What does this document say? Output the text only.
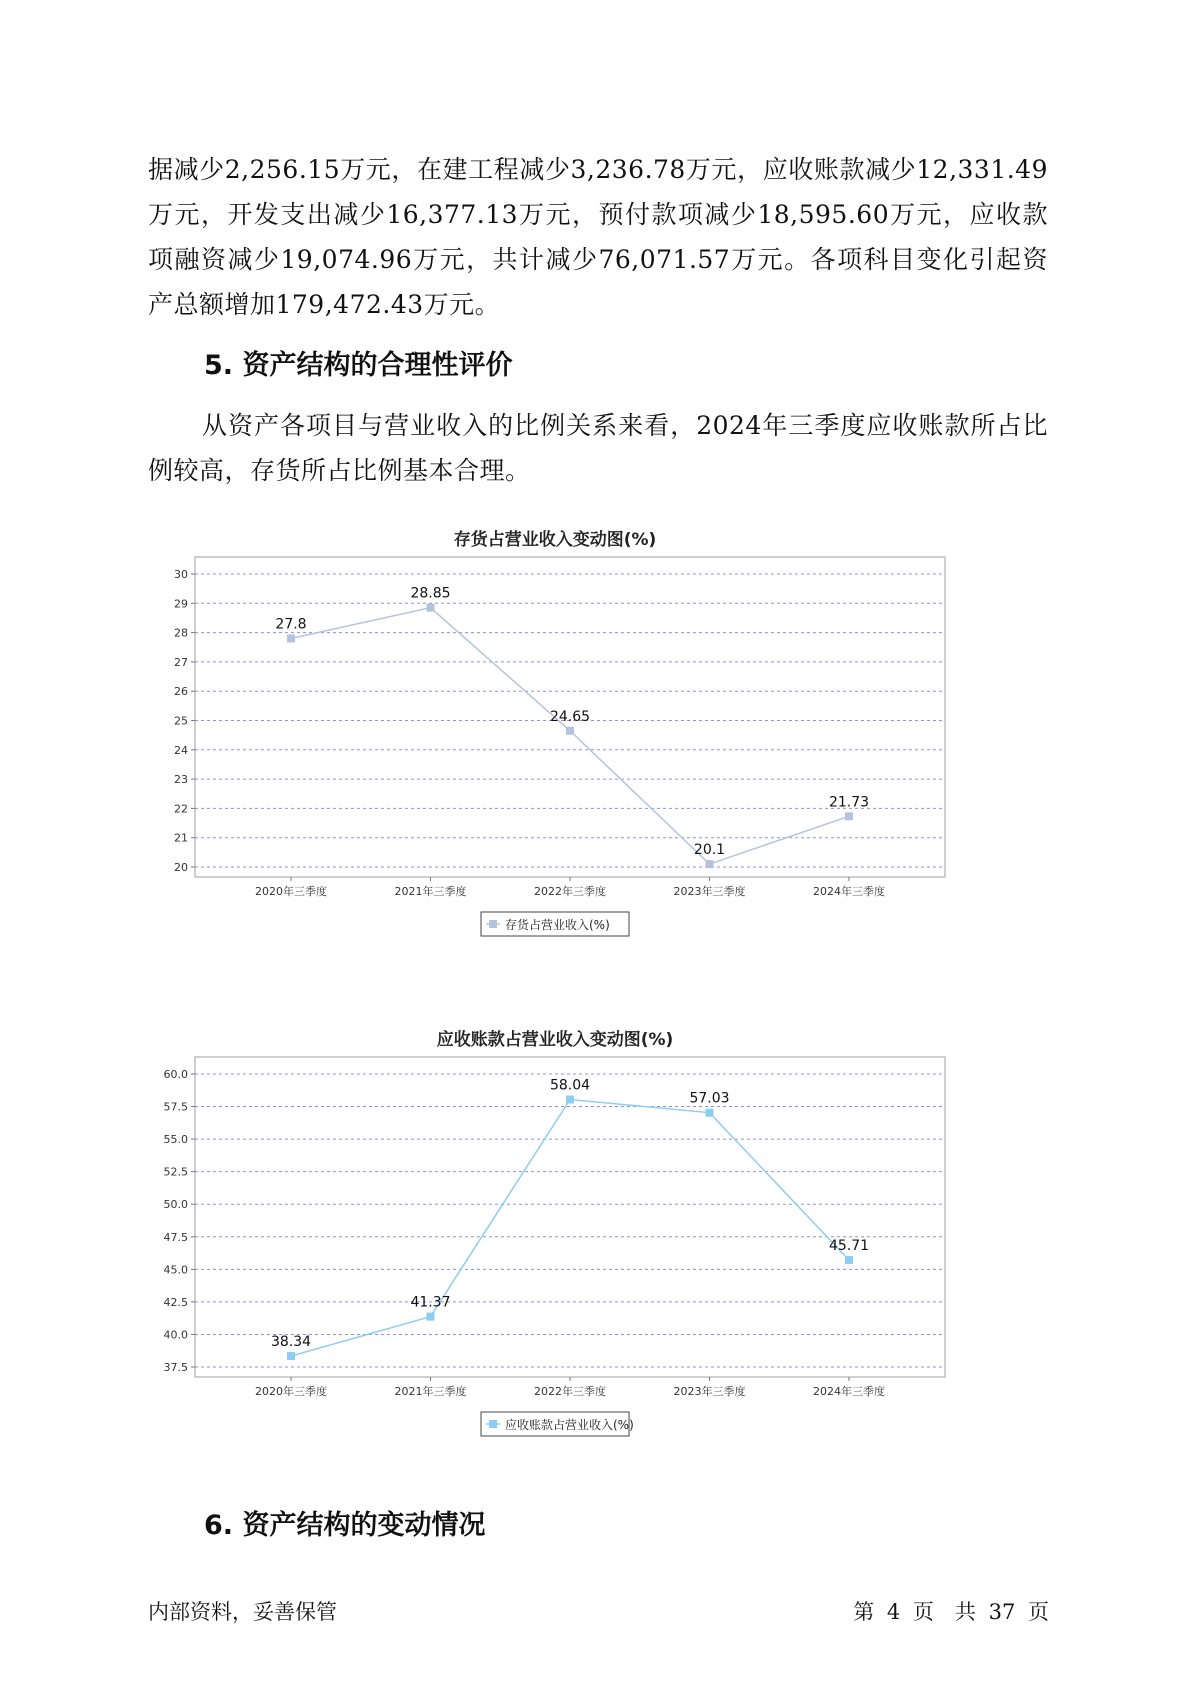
据减少2,256.15万元，在建工程减少3,236.78万元，应收账款减少12,331.49万元，开发支出减少16,377.13万元，预付款项减少18,595.60万元，应收款项融资减少19,074.96万元，共计减少76,071.57万元。各项科目变化引起资产总额增加179,472.43万元。

5. 资产结构的合理性评价

从资产各项目与营业收入的比例关系来看，2024年三季度应收账款所占比例较高，存货所占比例基本合理。

存货占营业收入变动图(%)
20
21
22
23
24
25
26
27
28
29
30
2020年三季度	2021年三季度	2022年三季度	2023年三季度	2024年三季度
27.8
28.85
24.65
20.1
21.73
存货占营业收入(%)
应收账款占营业收入变动图(%)
37.5
40.0
42.5
45.0
47.5
50.0
52.5
55.0
57.5
60.0
2020年三季度	2021年三季度	2022年三季度	2023年三季度	2024年三季度
38.34
41.37
58.04
57.03
45.71
应收账款占营业收入(%)
6. 资产结构的变动情况
内部资料，妥善保管	第 4 页　共 37 页
